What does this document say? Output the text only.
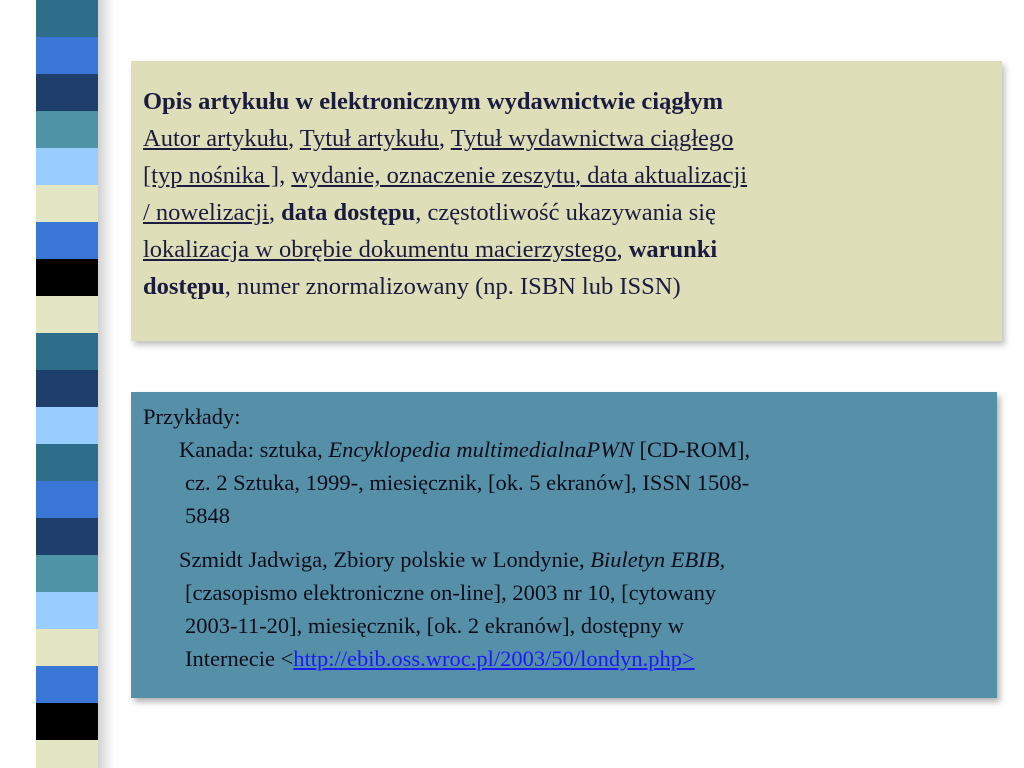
Opis artykułu w elektronicznym wydawnictwie ciągłym
Autor artykułu, Tytuł artykułu, Tytuł wydawnictwa ciągłego
[typ nośnika ], wydanie, oznaczenie zeszytu, data aktualizacji
/ nowelizacji, data dostępu, częstotliwość ukazywania się
lokalizacja w obrębie dokumentu macierzystego, warunki
dostępu, numer znormalizowany (np. ISBN lub ISSN)
Przykłady:
Kanada: sztuka, Encyklopedia multimedialnaPWN [CD-ROM],
cz. 2 Sztuka, 1999-, miesięcznik, [ok. 5 ekranów], ISSN 1508-
5848
Szmidt Jadwiga, Zbiory polskie w Londynie, Biuletyn EBIB,
[czasopismo elektroniczne on-line], 2003 nr 10, [cytowany
2003-11-20], miesięcznik, [ok. 2 ekranów], dostępny w
Internecie <http://ebib.oss.wroc.pl/2003/50/londyn.php>
